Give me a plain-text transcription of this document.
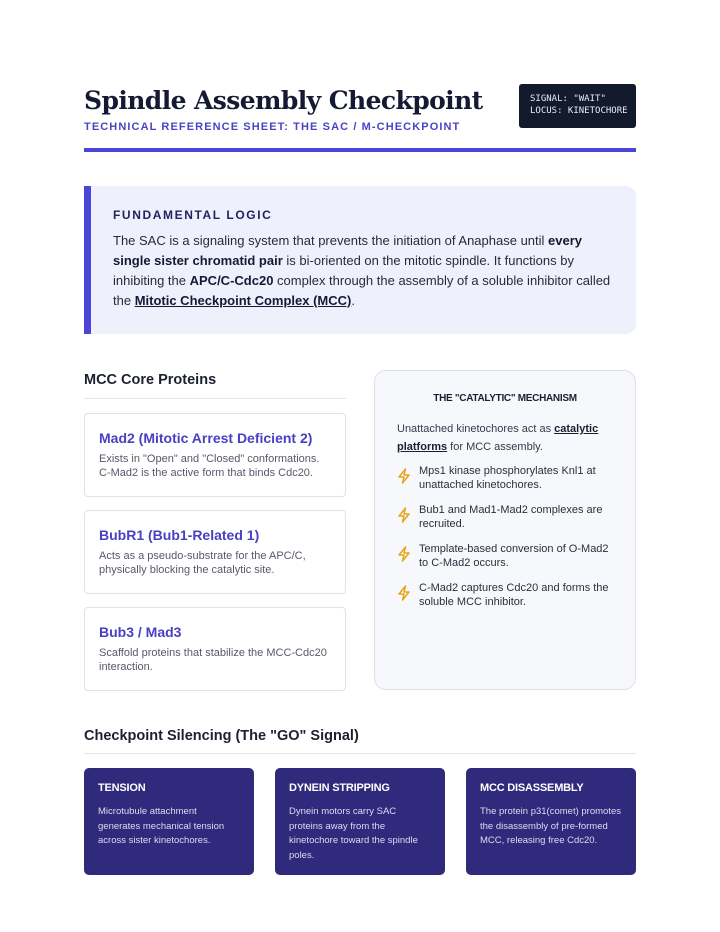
Spindle Assembly Checkpoint
TECHNICAL REFERENCE SHEET: THE SAC / M-CHECKPOINT
SIGNAL: "WAIT"
LOCUS: KINETOCHORE
FUNDAMENTAL LOGIC
The SAC is a signaling system that prevents the initiation of Anaphase until every single sister chromatid pair is bi-oriented on the mitotic spindle. It functions by inhibiting the APC/C-Cdc20 complex through the assembly of a soluble inhibitor called the Mitotic Checkpoint Complex (MCC).
MCC Core Proteins
Mad2 (Mitotic Arrest Deficient 2)
Exists in "Open" and "Closed" conformations. C-Mad2 is the active form that binds Cdc20.
BubR1 (Bub1-Related 1)
Acts as a pseudo-substrate for the APC/C, physically blocking the catalytic site.
Bub3 / Mad3
Scaffold proteins that stabilize the MCC-Cdc20 interaction.
THE "CATALYTIC" MECHANISM
Unattached kinetochores act as catalytic platforms for MCC assembly.
Mps1 kinase phosphorylates Knl1 at unattached kinetochores.
Bub1 and Mad1-Mad2 complexes are recruited.
Template-based conversion of O-Mad2 to C-Mad2 occurs.
C-Mad2 captures Cdc20 and forms the soluble MCC inhibitor.
Checkpoint Silencing (The "GO" Signal)
TENSION
Microtubule attachment generates mechanical tension across sister kinetochores.
DYNEIN STRIPPING
Dynein motors carry SAC proteins away from the kinetochore toward the spindle poles.
MCC DISASSEMBLY
The protein p31(comet) promotes the disassembly of pre-formed MCC, releasing free Cdc20.
